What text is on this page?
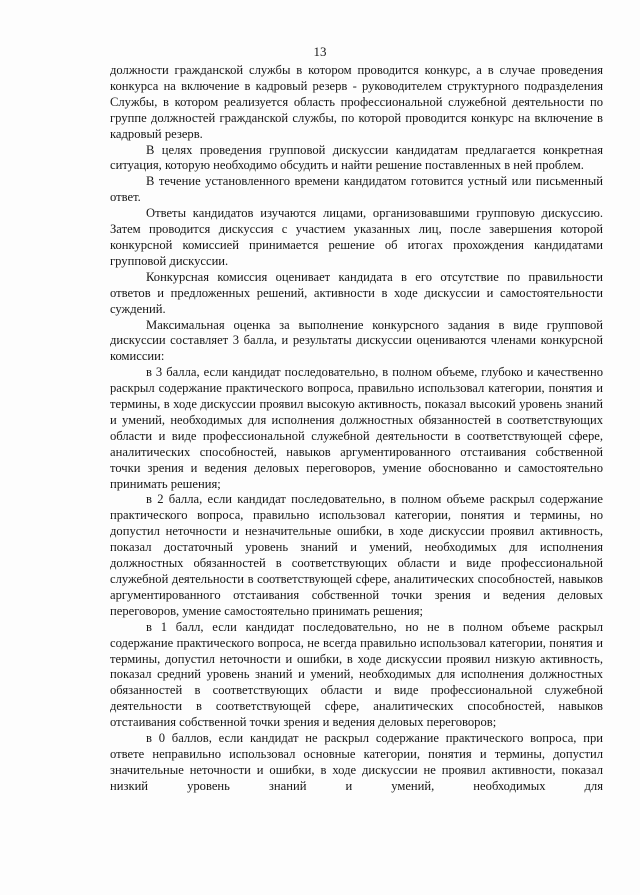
13

должности гражданской службы в котором проводится конкурс, а в случае проведения конкурса на включение в кадровый резерв - руководителем структурного подразделения Службы, в котором реализуется область профессиональной служебной деятельности по группе должностей гражданской службы, по которой проводится конкурс на включение в кадровый резерв.

В целях проведения групповой дискуссии кандидатам предлагается конкретная ситуация, которую необходимо обсудить и найти решение поставленных в ней проблем.

В течение установленного времени кандидатом готовится устный или письменный ответ.

Ответы кандидатов изучаются лицами, организовавшими групповую дискуссию. Затем проводится дискуссия с участием указанных лиц, после завершения которой конкурсной комиссией принимается решение об итогах прохождения кандидатами групповой дискуссии.

Конкурсная комиссия оценивает кандидата в его отсутствие по правильности ответов и предложенных решений, активности в ходе дискуссии и самостоятельности суждений.

Максимальная оценка за выполнение конкурсного задания в виде групповой дискуссии составляет 3 балла, и результаты дискуссии оцениваются членами конкурсной комиссии:

в 3 балла, если кандидат последовательно, в полном объеме, глубоко и качественно раскрыл содержание практического вопроса, правильно использовал категории, понятия и термины, в ходе дискуссии проявил высокую активность, показал высокий уровень знаний и умений, необходимых для исполнения должностных обязанностей в соответствующих области и виде профессиональной служебной деятельности в соответствующей сфере, аналитических способностей, навыков аргументированного отстаивания собственной точки зрения и ведения деловых переговоров, умение обоснованно и самостоятельно принимать решения;

в 2 балла, если кандидат последовательно, в полном объеме раскрыл содержание практического вопроса, правильно использовал категории, понятия и термины, но допустил неточности и незначительные ошибки, в ходе дискуссии проявил активность, показал достаточный уровень знаний и умений, необходимых для исполнения должностных обязанностей в соответствующих области и виде профессиональной служебной деятельности в соответствующей сфере, аналитических способностей, навыков аргументированного отстаивания собственной точки зрения и ведения деловых переговоров, умение самостоятельно принимать решения;

в 1 балл, если кандидат последовательно, но не в полном объеме раскрыл содержание практического вопроса, не всегда правильно использовал категории, понятия и термины, допустил неточности и ошибки, в ходе дискуссии проявил низкую активность, показал средний уровень знаний и умений, необходимых для исполнения должностных обязанностей в соответствующих области и виде профессиональной служебной деятельности в соответствующей сфере, аналитических способностей, навыков отстаивания собственной точки зрения и ведения деловых переговоров;

в 0 баллов, если кандидат не раскрыл содержание практического вопроса, при ответе неправильно использовал основные категории, понятия и термины, допустил значительные неточности и ошибки, в ходе дискуссии не проявил активности, показал низкий уровень знаний и умений, необходимых для
